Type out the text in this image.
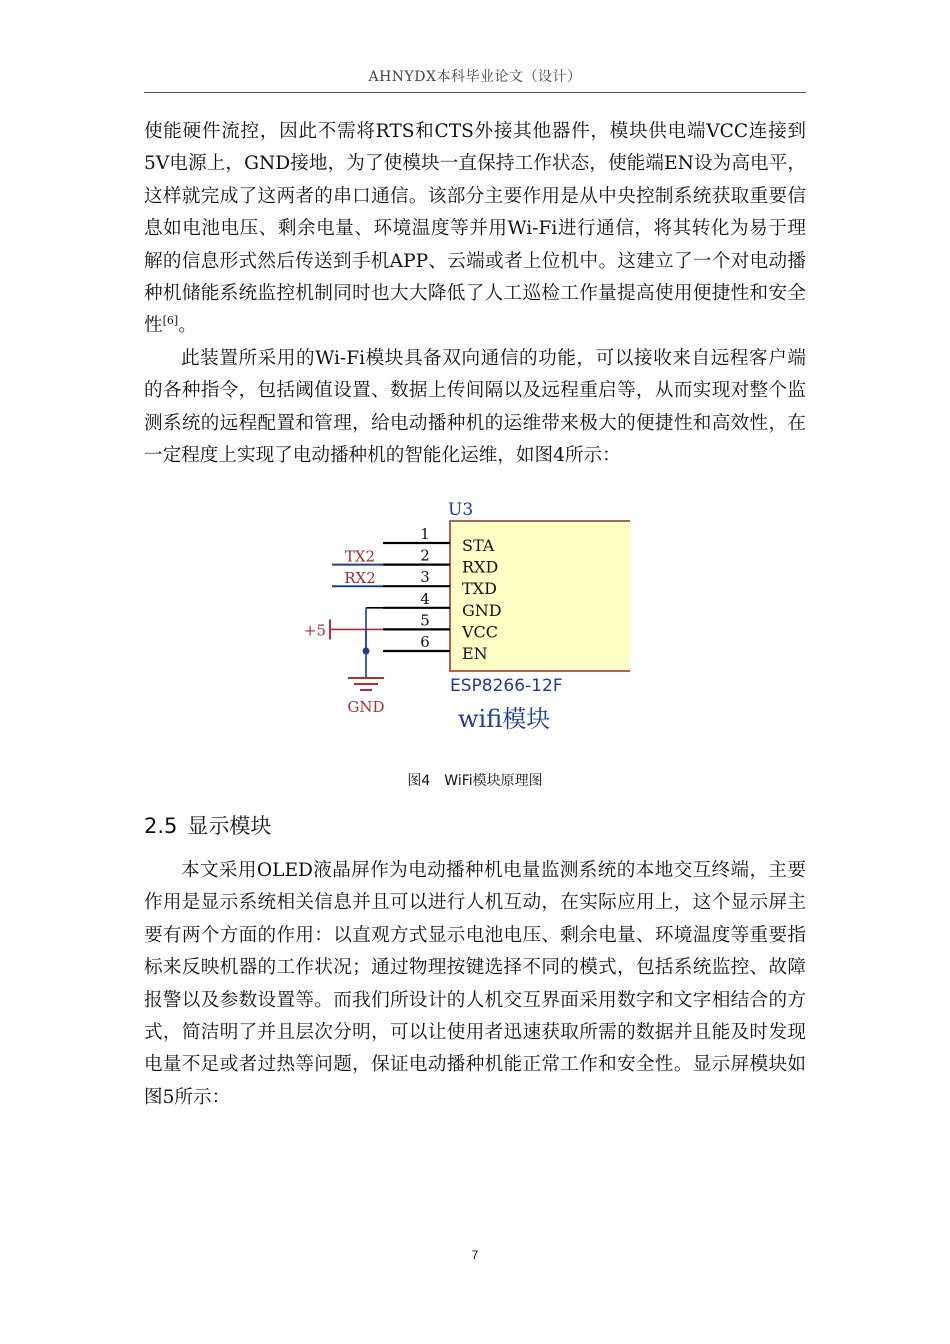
AHNYDX本科毕业论文（设计）

使能硬件流控，因此不需将RTS和CTS外接其他器件，模块供电端VCC连接到5V电源上，GND接地，为了使模块一直保持工作状态，使能端EN设为高电平，这样就完成了这两者的串口通信。该部分主要作用是从中央控制系统获取重要信息如电池电压、剩余电量、环境温度等并用Wi-Fi进行通信，将其转化为易于理解的信息形式然后传送到手机APP、云端或者上位机中。这建立了一个对电动播种机储能系统监控机制同时也大大降低了人工巡检工作量提高使用便捷性和安全性[6]。

此装置所采用的Wi-Fi模块具备双向通信的功能，可以接收来自远程客户端的各种指令，包括阈值设置、数据上传间隔以及远程重启等，从而实现对整个监测系统的远程配置和管理，给电动播种机的运维带来极大的便捷性和高效性，在一定程度上实现了电动播种机的智能化运维，如图4所示：

U3
ESP8266-12F
wifi模块
1
STA
2
RXD
TX2
3
TXD
RX2
4
GND
5
VCC
6
EN
+5
GND
图4 WiFi模块原理图
2.5 显示模块

本文采用OLED液晶屏作为电动播种机电量监测系统的本地交互终端，主要作用是显示系统相关信息并且可以进行人机互动，在实际应用上，这个显示屏主要有两个方面的作用：以直观方式显示电池电压、剩余电量、环境温度等重要指标来反映机器的工作状况；通过物理按键选择不同的模式，包括系统监控、故障报警以及参数设置等。而我们所设计的人机交互界面采用数字和文字相结合的方式，简洁明了并且层次分明，可以让使用者迅速获取所需的数据并且能及时发现电量不足或者过热等问题，保证电动播种机能正常工作和安全性。显示屏模块如图5所示：

7
